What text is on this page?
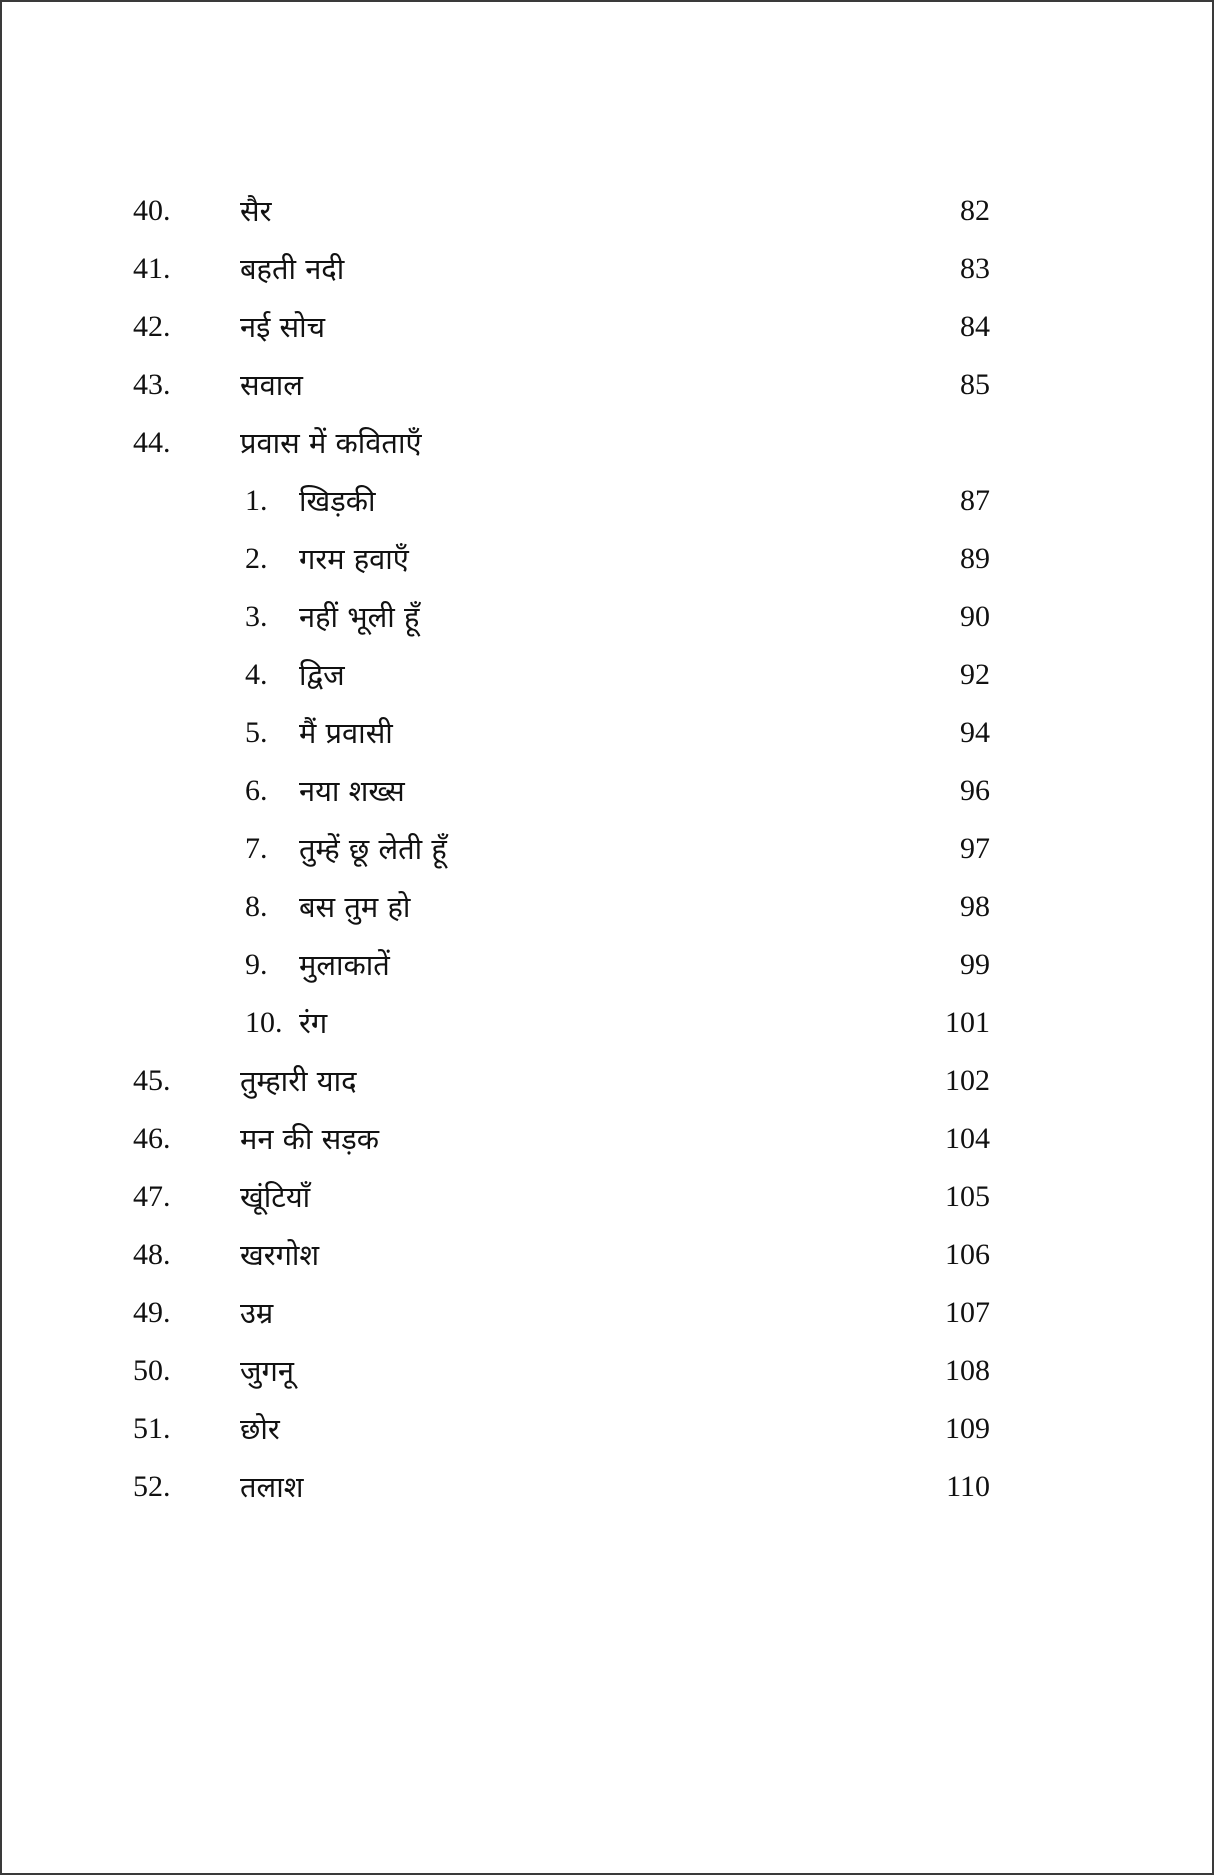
40. सैर	82
41. बहती नदी	83
42. नई सोच	84
43. सवाल	85
44. प्रवास में कविताएँ
1. खिड़की	87
2. गरम हवाएँ	89
3. नहीं भूली हूँ	90
4. द्विज	92
5. मैं प्रवासी	94
6. नया शख्स	96
7. तुम्हें छू लेती हूँ	97
8. बस तुम हो	98
9. मुलाकातें	99
10. रंग	101
45. तुम्हारी याद	102
46. मन की सड़क	104
47. खूंटियाँ	105
48. खरगोश	106
49. उम्र	107
50. जुगनू	108
51. छोर	109
52. तलाश	110
